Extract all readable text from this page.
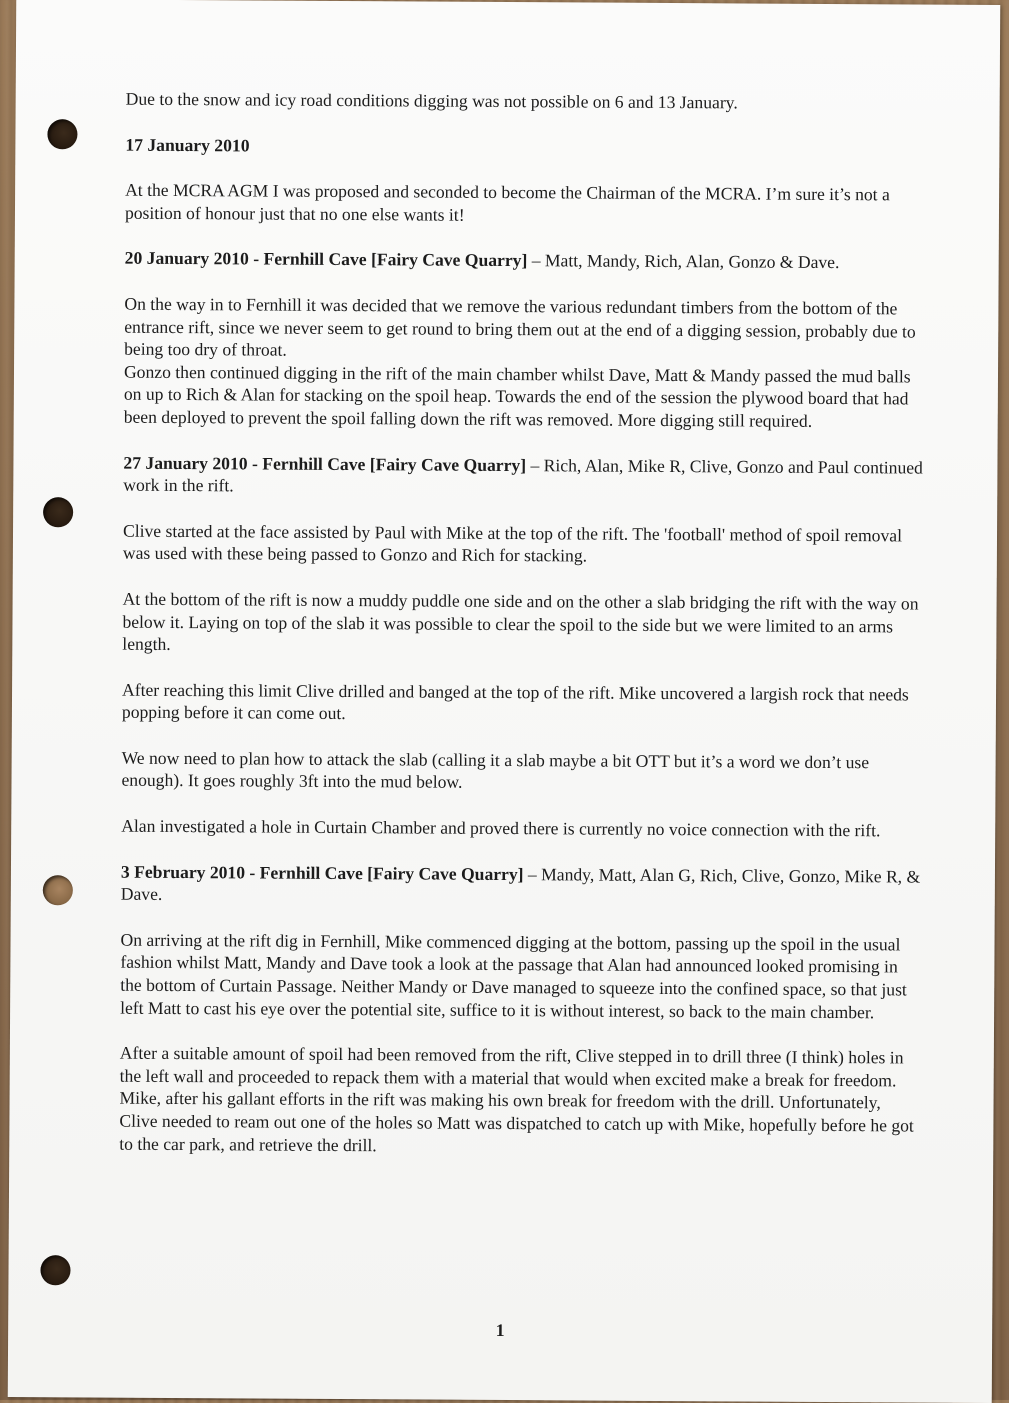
Due to the snow and icy road conditions digging was not possible on 6 and 13 January.

17 January 2010

At the MCRA AGM I was proposed and seconded to become the Chairman of the MCRA. I’m sure it’s not a position of honour just that no one else wants it!

20 January 2010 - Fernhill Cave [Fairy Cave Quarry] – Matt, Mandy, Rich, Alan, Gonzo & Dave.

On the way in to Fernhill it was decided that we remove the various redundant timbers from the bottom of the entrance rift, since we never seem to get round to bring them out at the end of a digging session, probably due to being too dry of throat.

Gonzo then continued digging in the rift of the main chamber whilst Dave, Matt & Mandy passed the mud balls on up to Rich & Alan for stacking on the spoil heap. Towards the end of the session the plywood board that had been deployed to prevent the spoil falling down the rift was removed. More digging still required.

27 January 2010 - Fernhill Cave [Fairy Cave Quarry] – Rich, Alan, Mike R, Clive, Gonzo and Paul continued work in the rift.

Clive started at the face assisted by Paul with Mike at the top of the rift. The 'football' method of spoil removal was used with these being passed to Gonzo and Rich for stacking.

At the bottom of the rift is now a muddy puddle one side and on the other a slab bridging the rift with the way on below it. Laying on top of the slab it was possible to clear the spoil to the side but we were limited to an arms length.

After reaching this limit Clive drilled and banged at the top of the rift. Mike uncovered a largish rock that needs popping before it can come out.

We now need to plan how to attack the slab (calling it a slab maybe a bit OTT but it’s a word we don’t use enough). It goes roughly 3ft into the mud below.

Alan investigated a hole in Curtain Chamber and proved there is currently no voice connection with the rift.

3 February 2010 - Fernhill Cave [Fairy Cave Quarry] – Mandy, Matt, Alan G, Rich, Clive, Gonzo, Mike R, & Dave.

On arriving at the rift dig in Fernhill, Mike commenced digging at the bottom, passing up the spoil in the usual fashion whilst Matt, Mandy and Dave took a look at the passage that Alan had announced looked promising in the bottom of Curtain Passage. Neither Mandy or Dave managed to squeeze into the confined space, so that just left Matt to cast his eye over the potential site, suffice to it is without interest, so back to the main chamber.

After a suitable amount of spoil had been removed from the rift, Clive stepped in to drill three (I think) holes in the left wall and proceeded to repack them with a material that would when excited make a break for freedom. Mike, after his gallant efforts in the rift was making his own break for freedom with the drill. Unfortunately, Clive needed to ream out one of the holes so Matt was dispatched to catch up with Mike, hopefully before he got to the car park, and retrieve the drill.

1
